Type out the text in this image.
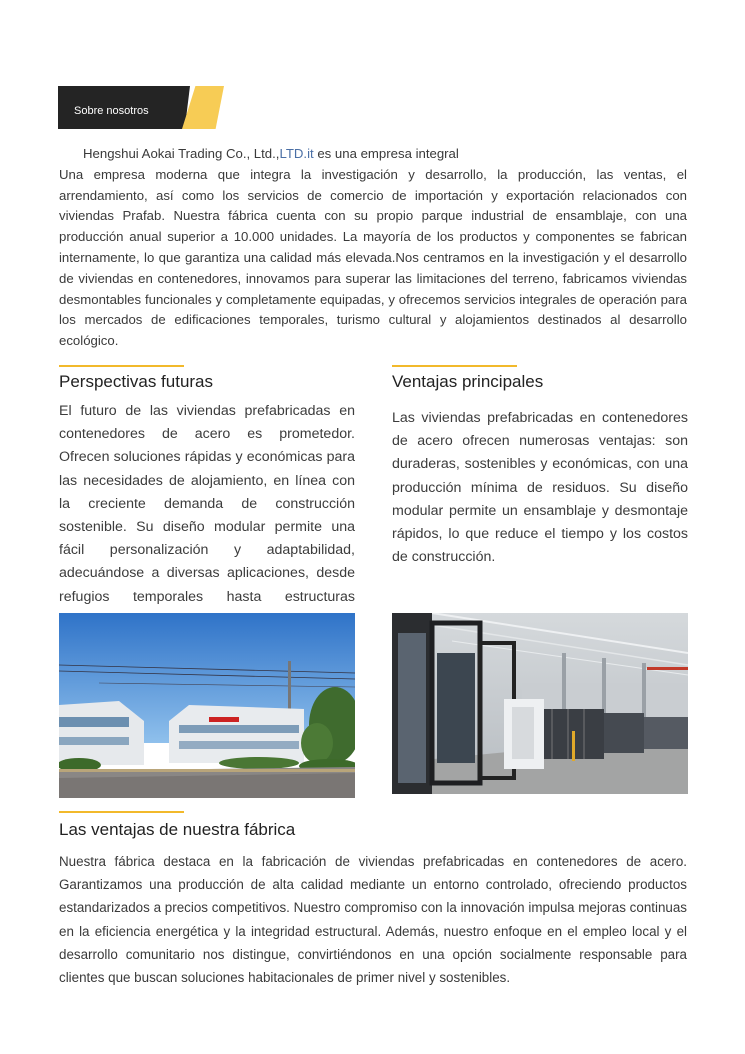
Sobre nosotros
Hengshui Aokai Trading Co., Ltd.,LTD.it es una empresa integral
Una empresa moderna que integra la investigación y desarrollo, la producción, las ventas, el arrendamiento, así como los servicios de comercio de importación y exportación relacionados con viviendas Prafab. Nuestra fábrica cuenta con su propio parque industrial de ensamblaje, con una producción anual superior a 10.000 unidades. La mayoría de los productos y componentes se fabrican internamente, lo que garantiza una calidad más elevada.Nos centramos en la investigación y el desarrollo de viviendas en contenedores, innovamos para superar las limitaciones del terreno, fabricamos viviendas desmontables funcionales y completamente equipadas, y ofrecemos servicios integrales de operación para los mercados de edificaciones temporales, turismo cultural y alojamientos destinados al desarrollo ecológico.
Perspectivas futuras
El futuro de las viviendas prefabricadas en contenedores de acero es prometedor. Ofrecen soluciones rápidas y económicas para las necesidades de alojamiento, en línea con la creciente demanda de construcción sostenible. Su diseño modular permite una fácil personalización y adaptabilidad, adecuándose a diversas aplicaciones, desde refugios temporales hasta estructuras
Ventajas principales
Las viviendas prefabricadas en contenedores de acero ofrecen numerosas ventajas: son duraderas, sostenibles y económicas, con una producción mínima de residuos. Su diseño modular permite un ensamblaje y desmontaje rápidos, lo que reduce el tiempo y los costos de construcción.
Las ventajas de nuestra fábrica
Nuestra fábrica destaca en la fabricación de viviendas prefabricadas en contenedores de acero. Garantizamos una producción de alta calidad mediante un entorno controlado, ofreciendo productos estandarizados a precios competitivos. Nuestro compromiso con la innovación impulsa mejoras continuas en la eficiencia energética y la integridad estructural. Además, nuestro enfoque en el empleo local y el desarrollo comunitario nos distingue, convirtiéndonos en una opción socialmente responsable para clientes que buscan soluciones habitacionales de primer nivel y sostenibles.
